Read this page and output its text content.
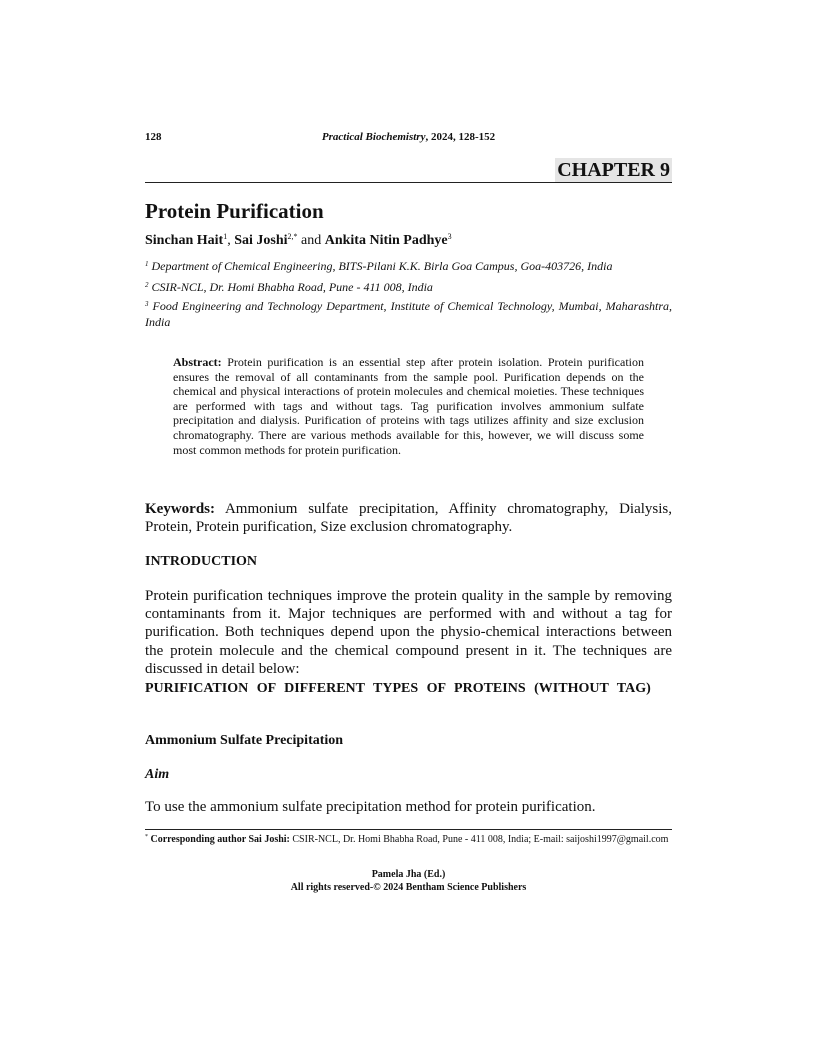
128	Practical Biochemistry, 2024, 128-152
CHAPTER 9
Protein Purification
Sinchan Hait$^1$, Sai Joshi$^{2,*}$ and Ankita Nitin Padhye$^3$
$^1$ Department of Chemical Engineering, BITS-Pilani K.K. Birla Goa Campus, Goa-403726, India
$^2$ CSIR-NCL, Dr. Homi Bhabha Road, Pune - 411 008, India
$^3$ Food Engineering and Technology Department, Institute of Chemical Technology, Mumbai, Maharashtra, India
Abstract: Protein purification is an essential step after protein isolation. Protein purification ensures the removal of all contaminants from the sample pool. Purification depends on the chemical and physical interactions of protein molecules and chemical moieties. These techniques are performed with tags and without tags. Tag purification involves ammonium sulfate precipitation and dialysis. Purification of proteins with tags utilizes affinity and size exclusion chromatography. There are various methods available for this, however, we will discuss some most common methods for protein purification.
Keywords: Ammonium sulfate precipitation, Affinity chromatography, Dialysis, Protein, Protein purification, Size exclusion chromatography.
INTRODUCTION
Protein purification techniques improve the protein quality in the sample by removing contaminants from it. Major techniques are performed with and without a tag for purification. Both techniques depend upon the physio-chemical interactions between the protein molecule and the chemical compound present in it. The techniques are discussed in detail below:
PURIFICATION OF DIFFERENT TYPES OF PROTEINS (WITHOUT TAG)
Ammonium Sulfate Precipitation
Aim
To use the ammonium sulfate precipitation method for protein purification.
* Corresponding author Sai Joshi: CSIR-NCL, Dr. Homi Bhabha Road, Pune - 411 008, India; E-mail: saijoshi1997@gmail.com
Pamela Jha (Ed.)
All rights reserved-© 2024 Bentham Science Publishers
